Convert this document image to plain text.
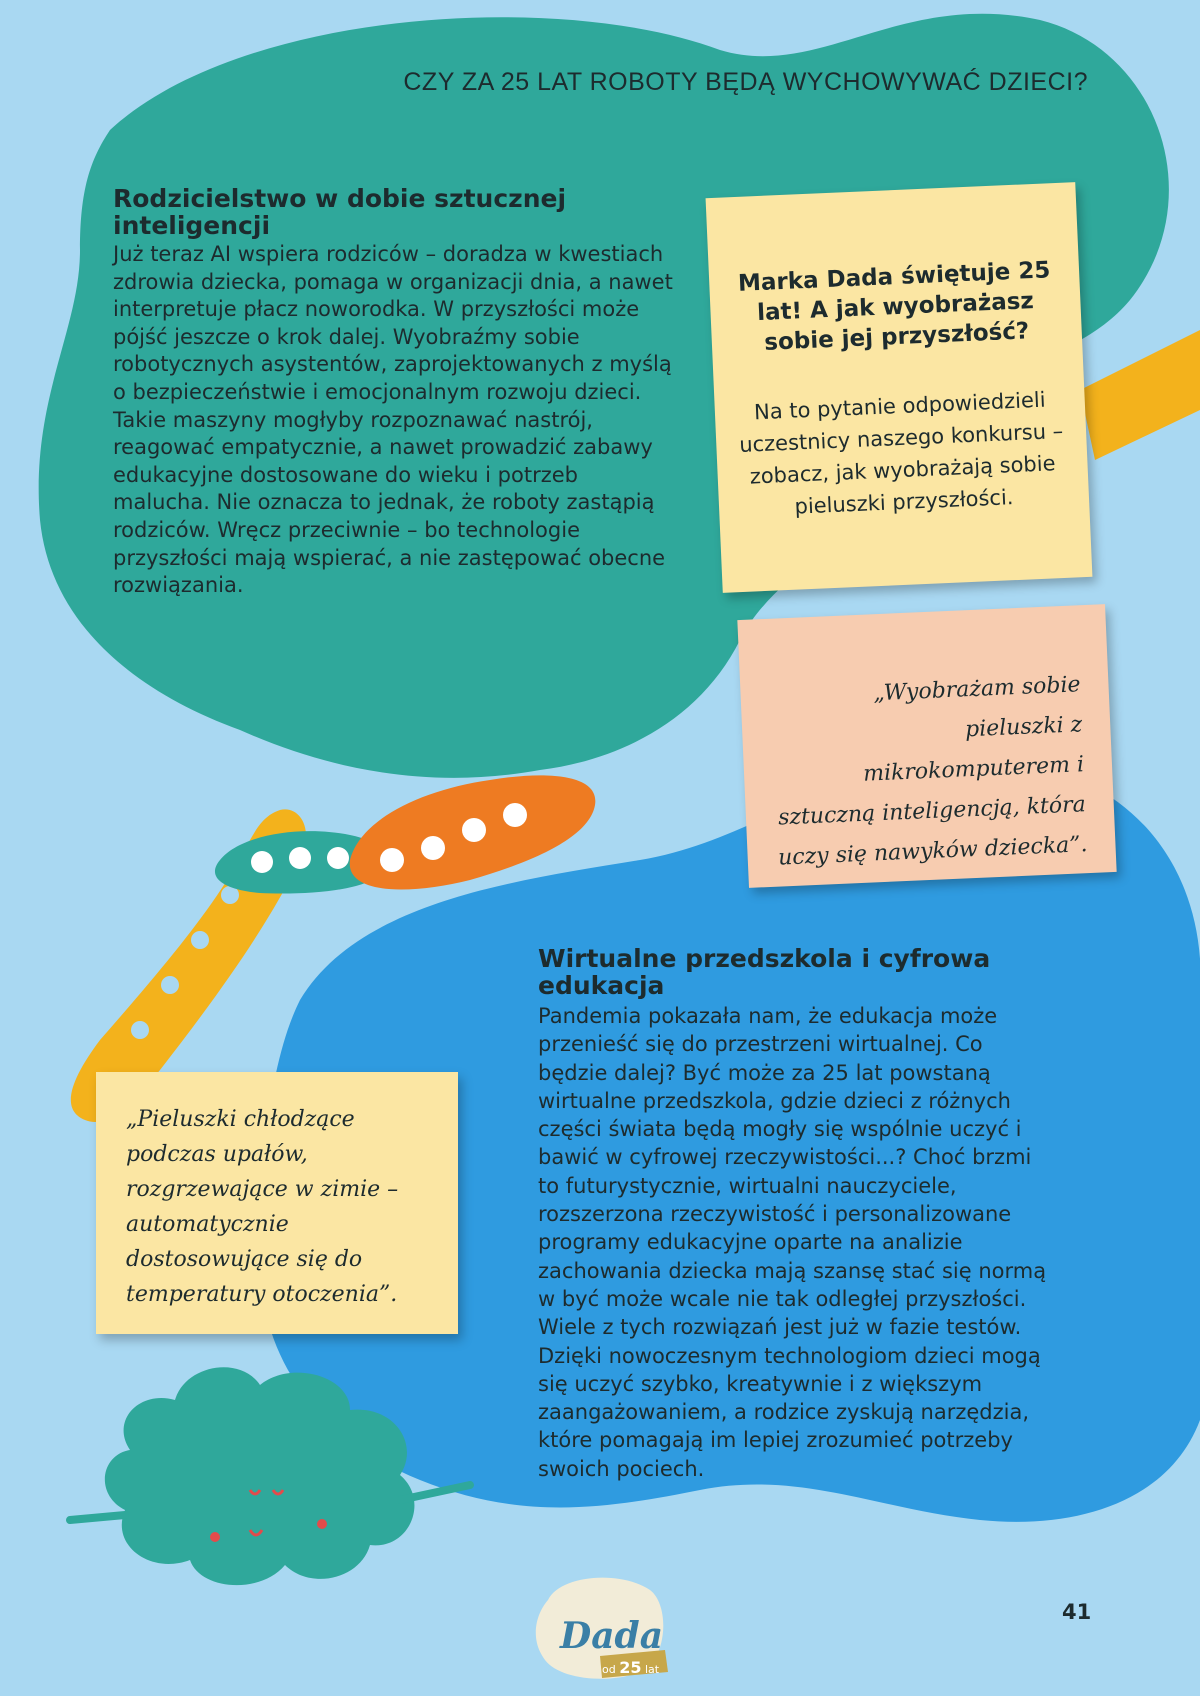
CZY ZA 25 LAT ROBOTY BĘDĄ WYCHOWYWAĆ DZIECI?
Rodzicielstwo w dobie sztucznej inteligencji

Już teraz AI wspiera rodziców – doradza w kwestiach zdrowia dziecka, pomaga w organizacji dnia, a nawet interpretuje płacz noworodka. W przyszłości może pójść jeszcze o krok dalej. Wyobraźmy sobie robotycznych asystentów, zaprojektowanych z myślą o bezpieczeństwie i emocjonalnym rozwoju dzieci. Takie maszyny mogłyby rozpoznawać nastrój, reagować empatycznie, a nawet prowadzić zabawy edukacyjne dostosowane do wieku i potrzeb malucha. Nie oznacza to jednak, że roboty zastąpią rodziców. Wręcz przeciwnie – bo technologie przyszłości mają wspierać, a nie zastępować obecne rozwiązania.

Marka Dada świętuje 25 lat! A jak wyobrażasz sobie jej przyszłość?
Na to pytanie odpowiedzieli uczestnicy naszego konkursu – zobacz, jak wyobrażają sobie pieluszki przyszłości.
„Wyobrażam sobie pieluszki z mikrokomputerem i sztuczną inteligencją, która uczy się nawyków dziecka”.
„Pieluszki chłodzące podczas upałów, rozgrzewające w zimie – automatycznie dostosowujące się do temperatury otoczenia”.
Wirtualne przedszkola i cyfrowa edukacja

Pandemia pokazała nam, że edukacja może przenieść się do przestrzeni wirtualnej. Co będzie dalej? Być może za 25 lat powstaną wirtualne przedszkola, gdzie dzieci z różnych części świata będą mogły się wspólnie uczyć i bawić w cyfrowej rzeczywistości...? Choć brzmi to futurystycznie, wirtualni nauczyciele, rozszerzona rzeczywistość i personalizowane programy edukacyjne oparte na analizie zachowania dziecka mają szansę stać się normą w być może wcale nie tak odległej przyszłości. Wiele z tych rozwiązań jest już w fazie testów. Dzięki nowoczesnym technologiom dzieci mogą się uczyć szybko, kreatywnie i z większym zaangażowaniem, a rodzice zyskują narzędzia, które pomagają im lepiej zrozumieć potrzeby swoich pociech.

Dada
od 25 lat
41
